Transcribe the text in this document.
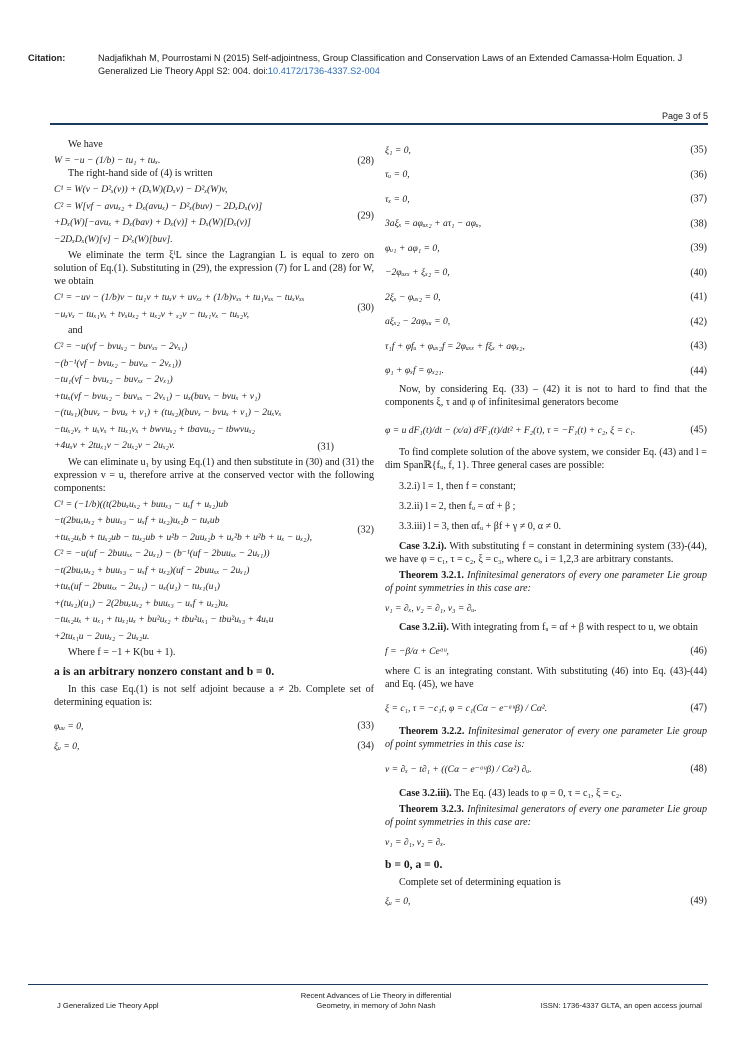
Citation:	Nadjafikhah M, Pourrostami N (2015) Self-adjointness, Group Classification and Conservation Laws of an Extended Camassa-Holm Equation. J Generalized Lie Theory Appl S2: 004. doi:10.4172/1736-4337.S2-004
Page 3 of 5

We have

W = −u − (1/b) − tu₁ + tuₓ.	(28)

The right-hand side of (4) is written

C¹ = W(v − D²ₓ(v)) + (DₓW)(Dₓv) − D²ₓ(W)v,
C² = W[vf − avuₓ₂ + Dₓ(avuₓ) − D²ₓ(buv) − 2DₓDₓ(v)]
+Dₓ(W)[−avuₓ + Dₓ(bav) + Dₓ(v)] + Dₓ(W)[Dₓ(v)]
−2DₓDₓ(W)[v] − D²ₓ(W)[buv].
(29)

We eliminate the term ξⁱL since the Lagrangian L is equal to zero on solution of Eq.(1). Substituting in (29), the expression (7) for L and (28) for W, we obtain

C¹ = −uv − (1/b)v − tu₁v + tuₓv + uvₓₓ + (1/b)vₓₓ + tu₁vₓₓ − tuₓvₓₓ
−uₓvₓ − tuₓ₁vₓ + tvₓuₓ₂ + uₓ₂v + ₓ₂v − tuₓ₁vₓ − tuₓ₂v,
(30)

and

C² = −u(vf − bvuₓ₂ − buvₓₓ − 2vₓ₁)
−(b⁻¹(vf − bvuₓ₂ − buvₓₓ − 2vₓ₁))
−tu₁(vf − bvuₓ₂ − buvₓₓ − 2vₓ₁)
+tuₓ(vf − bvuₓ₂ − buvₓₓ − 2vₓ₁) − uₓ(buvₓ − bvuₓ + v₁)
−(tuₓ₁)(buvₓ − bvuₓ + v₁) + (tuₓ₂)(buvₓ − bvuₓ + v₁) − 2uₓvₓ
−tuₓ₂vₓ + uₓvₓ + tuₓ₁vₓ + bwvuₓ₂ + tbavuₓ₂ − tbwvuₓ₂
+4uₓv + 2tuₓ₁v − 2uₓ₂v − 2uₓ₂v.	(31)

We can eliminate u₁ by using Eq.(1) and then substitute in (30) and (31) the expression v = u, therefore arrive at the conserved vector with the following components:

C¹ = (−1/b)((t(2buₓuₓ₂ + buuₓ₃ − uₓf + uₓ₂)ub
−t(2buₓuₓ₂ + buuₓ₃ − uₓf + uₓ₂)uₓ₂b − tuₓub
+tuₓ₂uₓb + tuₓ₂ub − tuₓ₂ub + u²b − 2uuₓ₂b + uₓ²b + u²b + uₓ − uₓ₂),
C² = −u(uf − 2buuₓₓ − 2uₓ₁) − (b⁻¹(uf − 2buuₓₓ − 2uₓ₁))
−t(2buₓuₓ₂ + buuₓ₃ − uₓf + uₓ₂)(uf − 2buuₓₓ − 2uₓ₁)
+tuₓ(uf − 2buuₓₓ − 2uₓ₁) − uₓ(u₁) − tuₓ₁(u₁)
+(tuₓ₂)(u₁) − 2(2buₓuₓ₂ + buuₓ₃ − uₓf + uₓ₂)uₓ
−tuₓ₂uₓ + uₓ₁ + tuₓ₁uₓ + bu²uₓ₂ + tbu²uₓ₁ − tbu²uₓ₃ + 4uₓu
+2tuₓ₁u − 2uuₓ₂ − 2uₓ₂u.
(32)

Where f = −1 + K(bu + 1).

a is an arbitrary nonzero constant and b = 0.

In this case Eq.(1) is not self adjoint because a ≠ 2b. Complete set of determining equation is:

φᵤᵤ = 0,	(33)
ξᵤ = 0,	(34)
ξ₁ = 0,	(35)
τᵤ = 0,	(36)
τₓ = 0,	(37)
3aξₓ = aφᵤₓ₂ + aτ₁ − aφᵤ,	(38)
φᵤ₁ + aφ₁ = 0,	(39)
−2φᵤₓₓ + ξₓ₂ = 0,	(40)
2ξₓ − φᵤₓ₂ = 0,	(41)
aξₓ₂ − 2aφₓᵤ = 0,	(42)
τ₁f + φfᵤ + φᵤₓ₂f = 2φᵤₓₓ + fξₓ + aφₓ₂,	(43)
φ₁ + φₓf = φₓ₂₁.	(44)

Now, by considering Eq. (33) – (42) it is not to hard to find that the components ξ, τ and φ of infinitesimal generators become

φ = u dF₁(t)/dt − (x/a) d²F₁(t)/dt² + F₂(t), τ = −F₁(t) + c₂, ξ = c₁.	(45)

To find complete solution of the above system, we consider Eq. (43) and l = dim Spanℝ{fᵤ, f, 1}. Three general cases are possible:

3.2.i) l = 1, then f = constant;
3.2.ii) l = 2, then fᵤ = αf + β ;
3.3.iii) l = 3, then αfᵤ + βf + γ ≠ 0, α ≠ 0.

Case 3.2.i). With substituting f = constant in determining system (33)-(44), we have φ = c₁, τ = c₂, ξ = c₃, where cᵢ, i = 1,2,3 are arbitrary constants.

Theorem 3.2.1. Infinitesimal generators of every one parameter Lie group of point symmetries in this case are:

v₁ = ∂ₓ, v₂ = ∂₁, v₃ = ∂ᵤ.

Case 3.2.ii). With integrating from fᵤ = αf + β with respect to u, we obtain

f = −β/α + Ceᵃᵘ,	(46)

where C is an integrating constant. With substituting (46) into Eq. (43)-(44) and Eq. (45), we have

ξ = c₁, τ = −c₁t, φ = c₁(Cα − e⁻ᵃᵘβ) / Cα².	(47)

Theorem 3.2.2. Infinitesimal generator of every one parameter Lie group of point symmetries in this case is:

v = ∂ₓ − t∂₁ + ((Cα − e⁻ᵃᵘβ) / Cα²) ∂ᵤ.	(48)

Case 3.2.iii). The Eq. (43) leads to φ = 0, τ = c₁, ξ = c₂.

Theorem 3.2.3. Infinitesimal generators of every one parameter Lie group of point symmetries in this case are:

v₁ = ∂₁, v₂ = ∂ₓ.
b = 0, a = 0.

Complete set of determining equation is

ξᵤ = 0,	(49)
J Generalized Lie Theory Appl
Recent Advances of Lie Theory in differential Geometry, in memory of John Nash	ISSN: 1736-4337 GLTA, an open access journal
